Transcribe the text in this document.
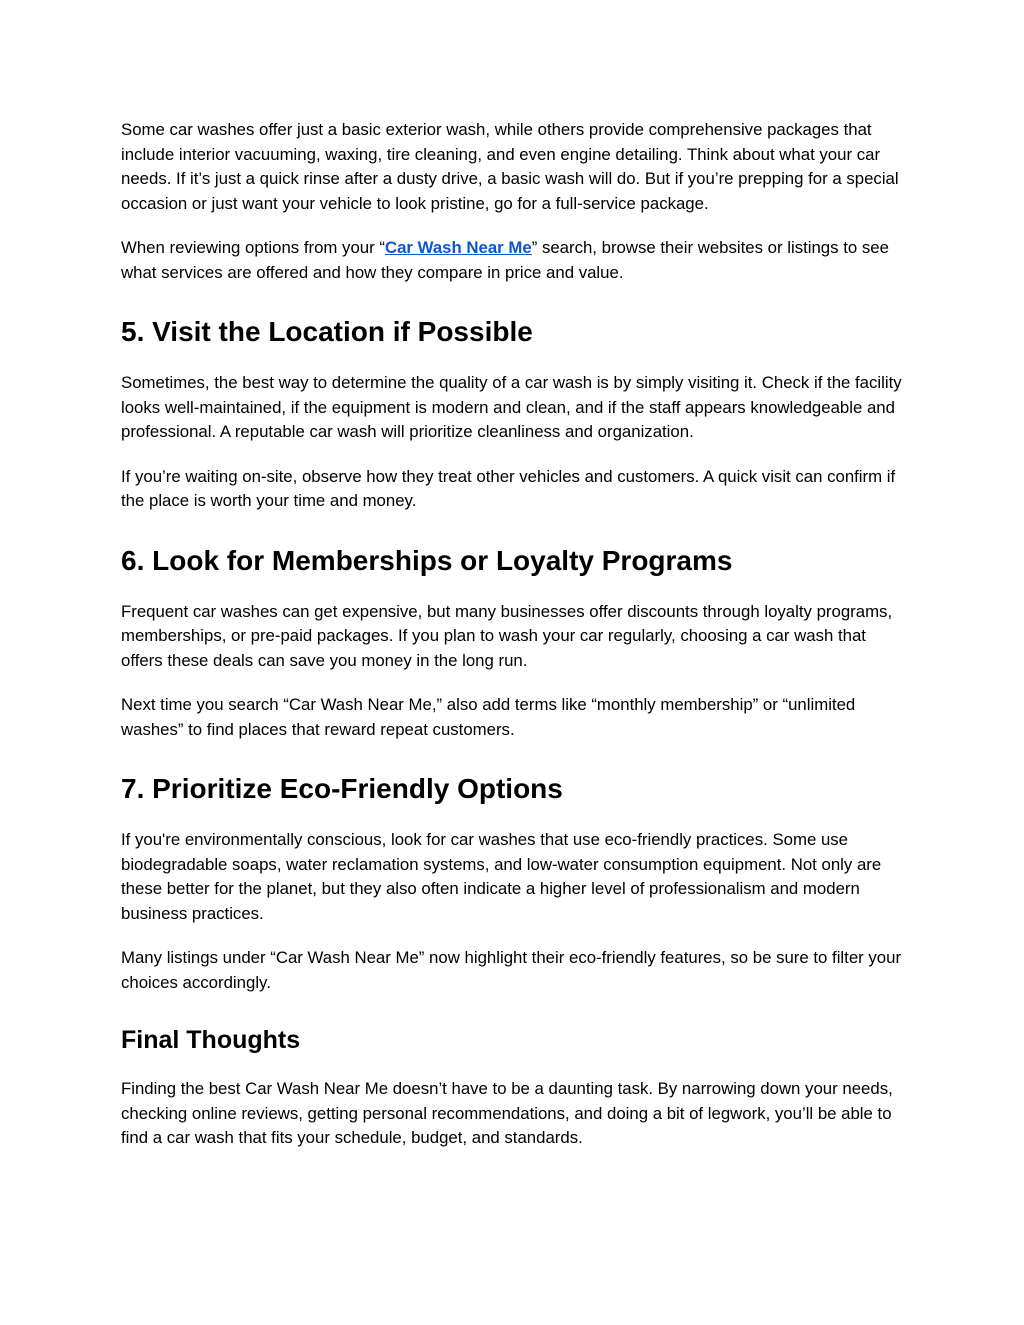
Some car washes offer just a basic exterior wash, while others provide comprehensive packages that include interior vacuuming, waxing, tire cleaning, and even engine detailing. Think about what your car needs. If it’s just a quick rinse after a dusty drive, a basic wash will do. But if you’re prepping for a special occasion or just want your vehicle to look pristine, go for a full-service package.

When reviewing options from your “Car Wash Near Me” search, browse their websites or listings to see what services are offered and how they compare in price and value.

5. Visit the Location if Possible

Sometimes, the best way to determine the quality of a car wash is by simply visiting it. Check if the facility looks well-maintained, if the equipment is modern and clean, and if the staff appears knowledgeable and professional. A reputable car wash will prioritize cleanliness and organization.

If you’re waiting on-site, observe how they treat other vehicles and customers. A quick visit can confirm if the place is worth your time and money.

6. Look for Memberships or Loyalty Programs

Frequent car washes can get expensive, but many businesses offer discounts through loyalty programs, memberships, or pre-paid packages. If you plan to wash your car regularly, choosing a car wash that offers these deals can save you money in the long run.

Next time you search “Car Wash Near Me,” also add terms like “monthly membership” or “unlimited washes” to find places that reward repeat customers.

7. Prioritize Eco-Friendly Options

If you're environmentally conscious, look for car washes that use eco-friendly practices. Some use biodegradable soaps, water reclamation systems, and low-water consumption equipment. Not only are these better for the planet, but they also often indicate a higher level of professionalism and modern business practices.

Many listings under “Car Wash Near Me” now highlight their eco-friendly features, so be sure to filter your choices accordingly.

Final Thoughts

Finding the best Car Wash Near Me doesn’t have to be a daunting task. By narrowing down your needs, checking online reviews, getting personal recommendations, and doing a bit of legwork, you’ll be able to find a car wash that fits your schedule, budget, and standards.
